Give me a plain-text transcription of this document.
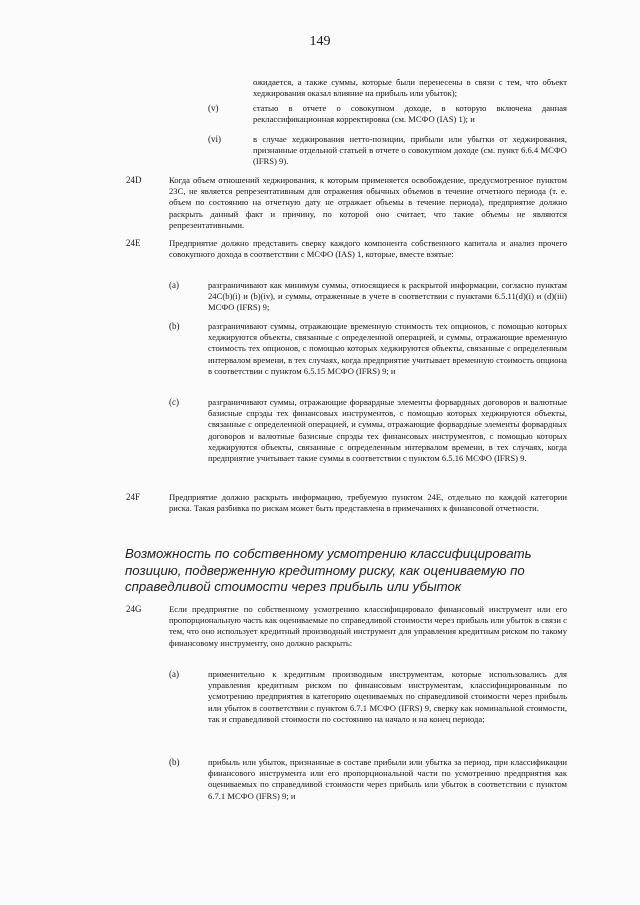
149
ожидается, а также суммы, которые были перенесены в связи с тем, что объект хеджирования оказал влияние на прибыль или убыток);
(v)	статью в отчете о совокупном доходе, в которую включена данная реклассификационная корректировка (см. МСФО (IAS) 1); и
(vi)	в случае хеджирования нетто-позиции, прибыли или убытки от хеджирования, признанные отдельной статьей в отчете о совокупном доходе (см. пункт 6.6.4 МСФО (IFRS) 9).
24D	Когда объем отношений хеджирования, к которым применяется освобождение, предусмотренное пунктом 23C, не является репрезентативным для отражения обычных объемов в течение отчетного периода (т. е. объем по состоянию на отчетную дату не отражает объемы в течение периода), предприятие должно раскрыть данный факт и причину, по которой оно считает, что такие объемы не являются репрезентативными.
24E	Предприятие должно представить сверку каждого компонента собственного капитала и анализ прочего совокупного дохода в соответствии с МСФО (IAS) 1, которые, вместе взятые:
(a)	разграничивают как минимум суммы, относящиеся к раскрытой информации, согласно пунктам 24C(b)(i) и (b)(iv), и суммы, отраженные в учете в соответствии с пунктами 6.5.11(d)(i) и (d)(iii) МСФО (IFRS) 9;
(b)	разграничивают суммы, отражающие временную стоимость тех опционов, с помощью которых хеджируются объекты, связанные с определенной операцией, и суммы, отражающие временную стоимость тех опционов, с помощью которых хеджируются объекты, связанные с определенным интервалом времени, в тех случаях, когда предприятие учитывает временную стоимость опциона в соответствии с пунктом 6.5.15 МСФО (IFRS) 9; и
(c)	разграничивают суммы, отражающие форвардные элементы форвардных договоров и валютные базисные спрэды тех финансовых инструментов, с помощью которых хеджируются объекты, связанные с определенной операцией, и суммы, отражающие форвардные элементы форвардных договоров и валютные базисные спрэды тех финансовых инструментов, с помощью которых хеджируются объекты, связанные с определенным интервалом времени, в тех случаях, когда предприятие учитывает такие суммы в соответствии с пунктом 6.5.16 МСФО (IFRS) 9.
24F	Предприятие должно раскрыть информацию, требуемую пунктом 24E, отдельно по каждой категории риска. Такая разбивка по рискам может быть представлена в примечаниях к финансовой отчетности.
Возможность по собственному усмотрению классифицировать позицию, подверженную кредитному риску, как оцениваемую по справедливой стоимости через прибыль или убыток
24G	Если предприятие по собственному усмотрению классифицировало финансовый инструмент или его пропорциональную часть как оцениваемые по справедливой стоимости через прибыль или убыток в связи с тем, что оно использует кредитный производный инструмент для управления кредитным риском по такому финансовому инструменту, оно должно раскрыть:
(a)	применительно к кредитным производным инструментам, которые использовались для управления кредитным риском по финансовым инструментам, классифицированным по усмотрению предприятия в категорию оцениваемых по справедливой стоимости через прибыль или убыток в соответствии с пунктом 6.7.1 МСФО (IFRS) 9, сверку как номинальной стоимости, так и справедливой стоимости по состоянию на начало и на конец периода;
(b)	прибыль или убыток, признанные в составе прибыли или убытка за период, при классификации финансового инструмента или его пропорциональной части по усмотрению предприятия как оцениваемых по справедливой стоимости через прибыль или убыток в соответствии с пунктом 6.7.1 МСФО (IFRS) 9; и
